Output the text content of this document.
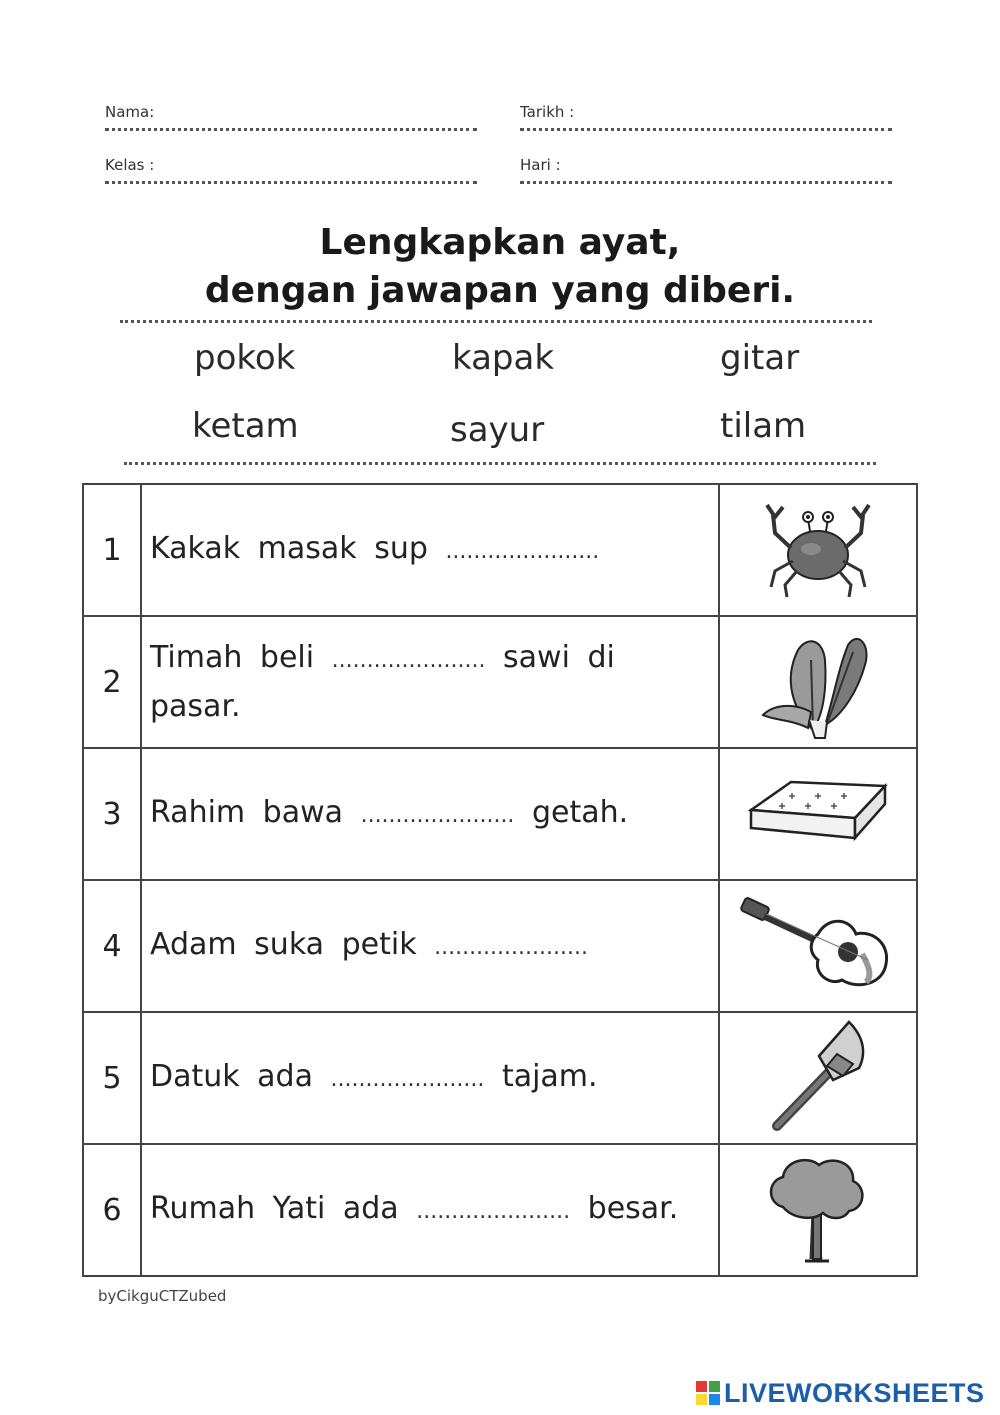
Nama:	Tarikh :
Kelas :	Hari :
Lengkapkan ayat,
dengan jawapan yang diberi.
pokok	kapak	gitar
ketam	sayur	tilam
1	Kakak masak sup ......................	
2	Timah beli ...................... sawi di pasar.	
3	Rahim bawa ...................... getah.	
4	Adam suka petik ......................	
5	Datuk ada ...................... tajam.	
6	Rumah Yati ada ...................... besar.	
byCikguCTZubed
LIVEWORKSHEETS
